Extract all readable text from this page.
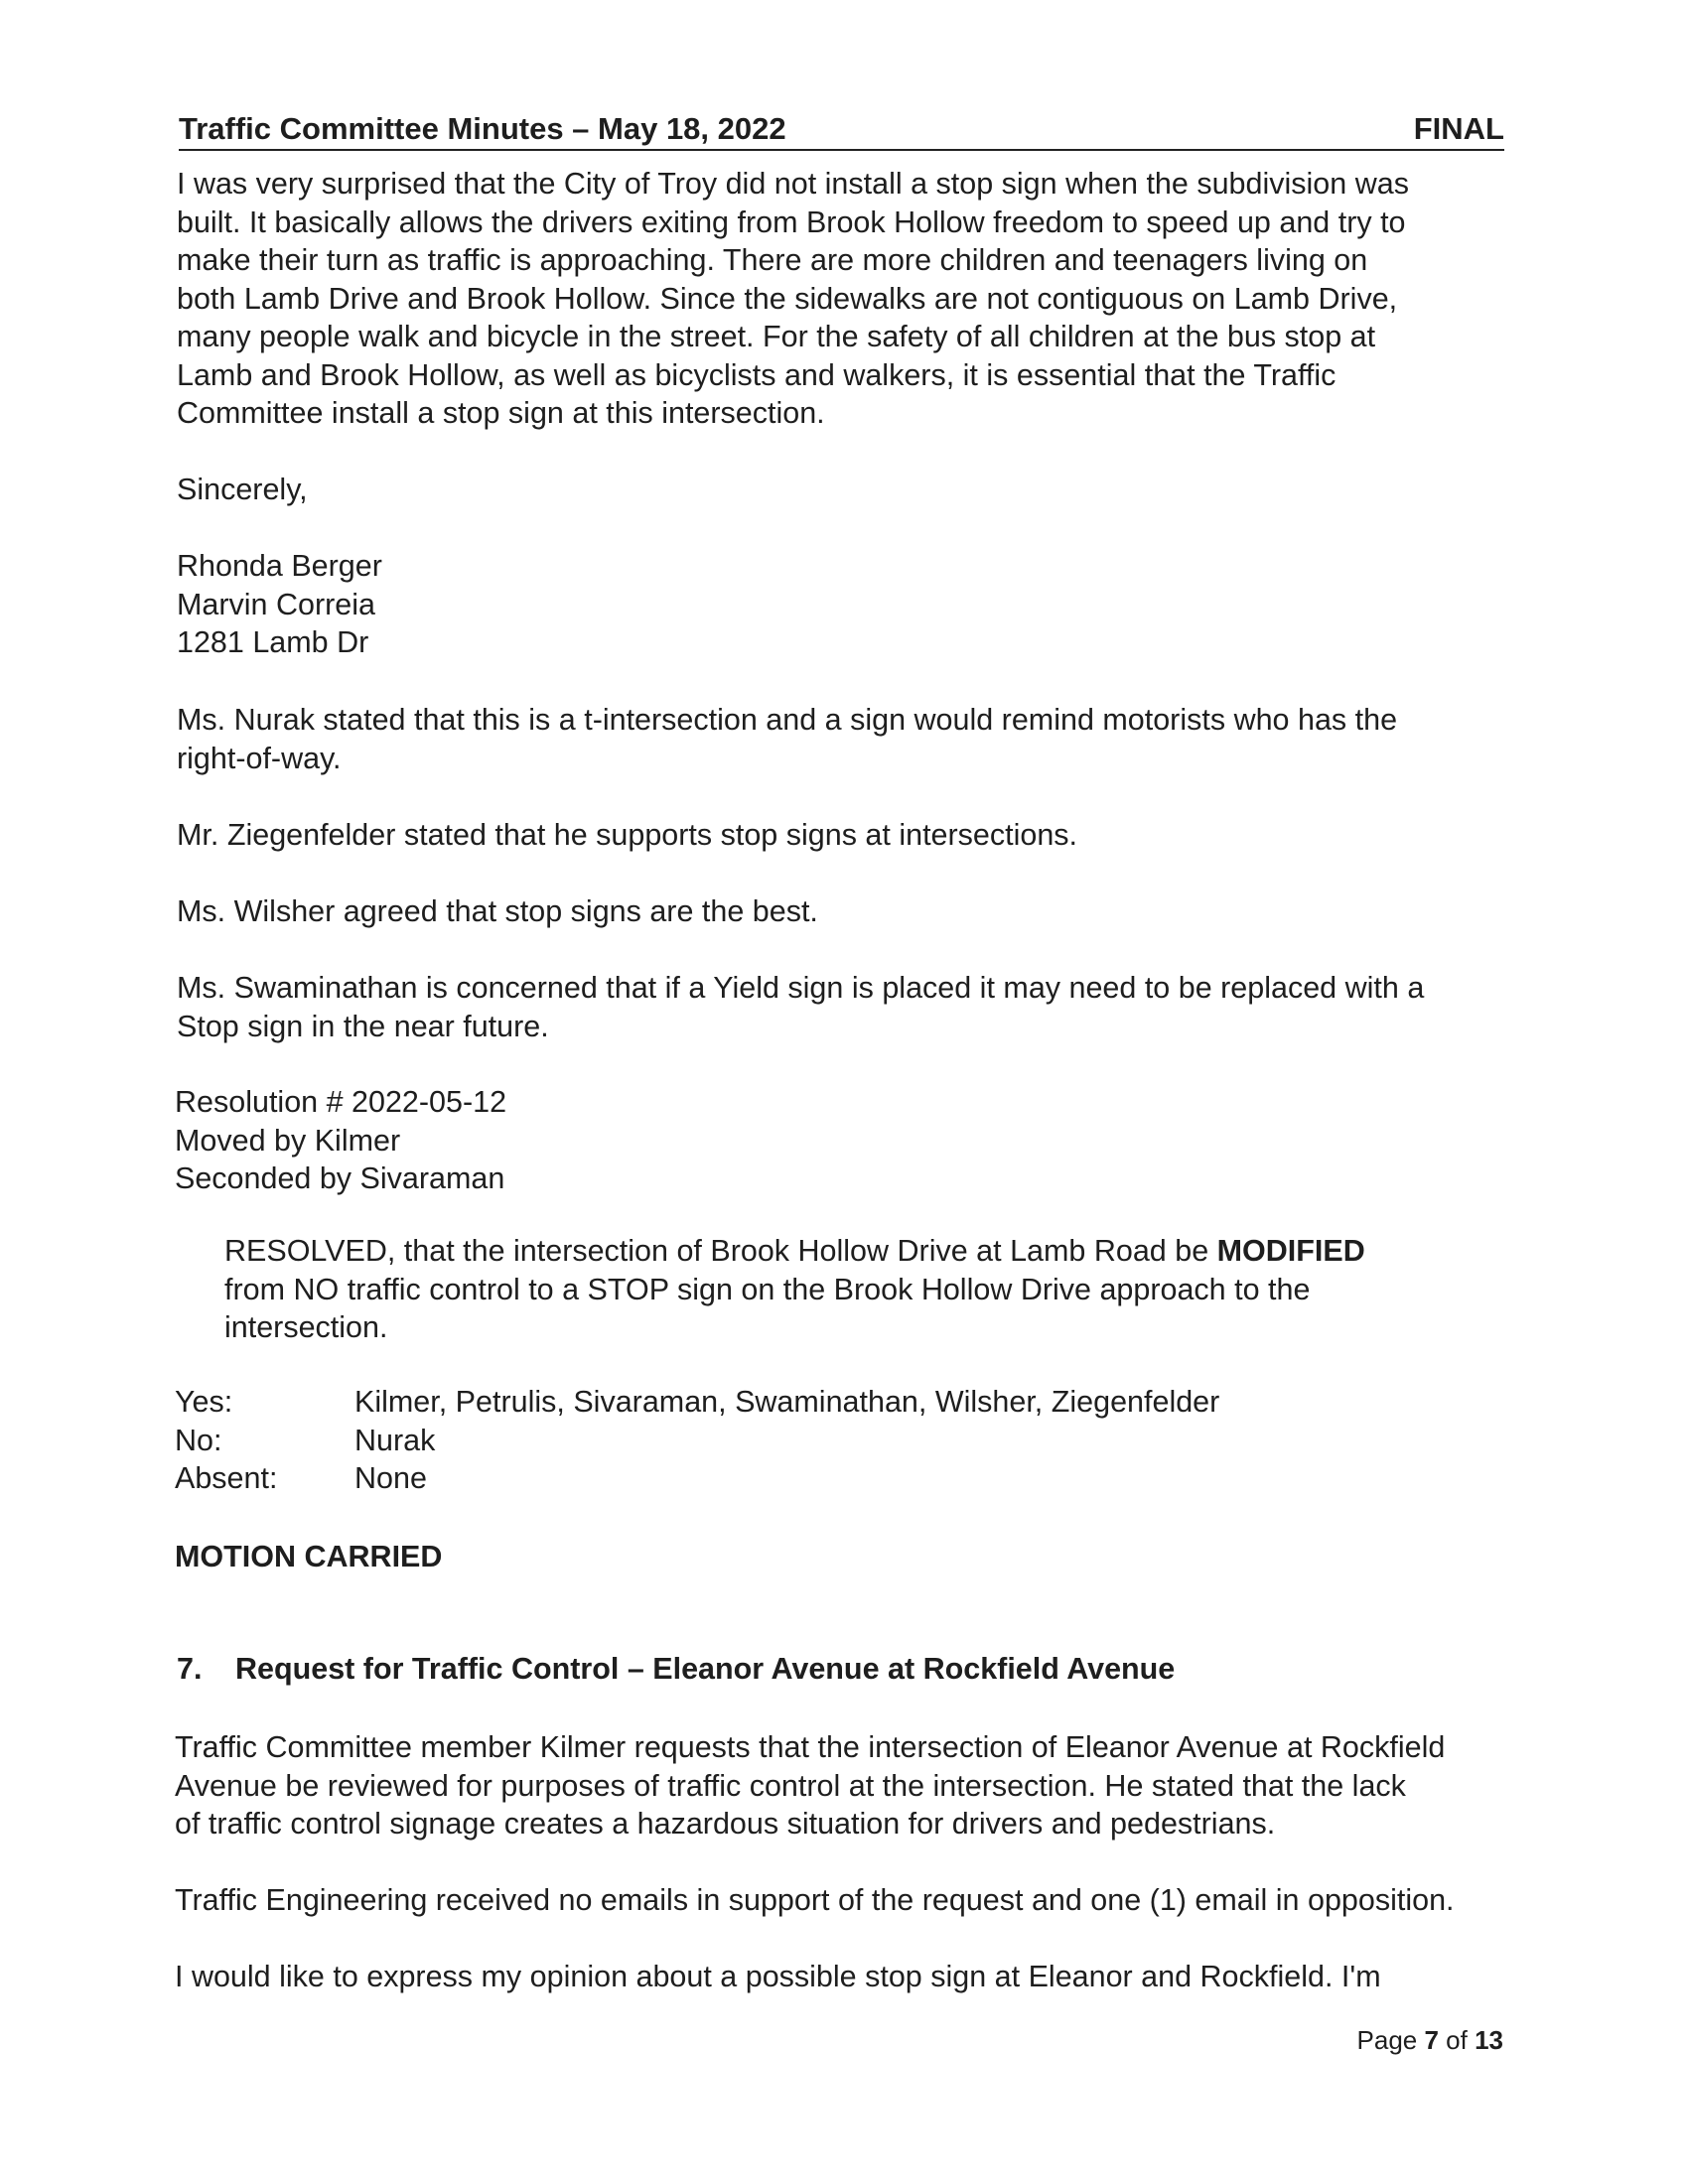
Traffic Committee Minutes – May 18, 2022	FINAL
I was very surprised that the City of Troy did not install a stop sign when the subdivision was
built. It basically allows the drivers exiting from Brook Hollow freedom to speed up and try to
make their turn as traffic is approaching. There are more children and teenagers living on
both Lamb Drive and Brook Hollow. Since the sidewalks are not contiguous on Lamb Drive,
many people walk and bicycle in the street. For the safety of all children at the bus stop at
Lamb and Brook Hollow, as well as bicyclists and walkers, it is essential that the Traffic
Committee install a stop sign at this intersection.
Sincerely,
Rhonda Berger
Marvin Correia
1281 Lamb Dr
Ms. Nurak stated that this is a t-intersection and a sign would remind motorists who has the
right-of-way.
Mr. Ziegenfelder stated that he supports stop signs at intersections.
Ms. Wilsher agreed that stop signs are the best.
Ms. Swaminathan is concerned that if a Yield sign is placed it may need to be replaced with a
Stop sign in the near future.
Resolution # 2022-05-12
Moved by Kilmer
Seconded by Sivaraman
RESOLVED, that the intersection of Brook Hollow Drive at Lamb Road be MODIFIED
from NO traffic control to a STOP sign on the Brook Hollow Drive approach to the
intersection.
Yes:	Kilmer, Petrulis, Sivaraman, Swaminathan, Wilsher, Ziegenfelder
No:	Nurak
Absent:	None
MOTION CARRIED
7. Request for Traffic Control – Eleanor Avenue at Rockfield Avenue
Traffic Committee member Kilmer requests that the intersection of Eleanor Avenue at Rockfield
Avenue be reviewed for purposes of traffic control at the intersection. He stated that the lack
of traffic control signage creates a hazardous situation for drivers and pedestrians.
Traffic Engineering received no emails in support of the request and one (1) email in opposition.
I would like to express my opinion about a possible stop sign at Eleanor and Rockfield. I'm
Page 7 of 13
